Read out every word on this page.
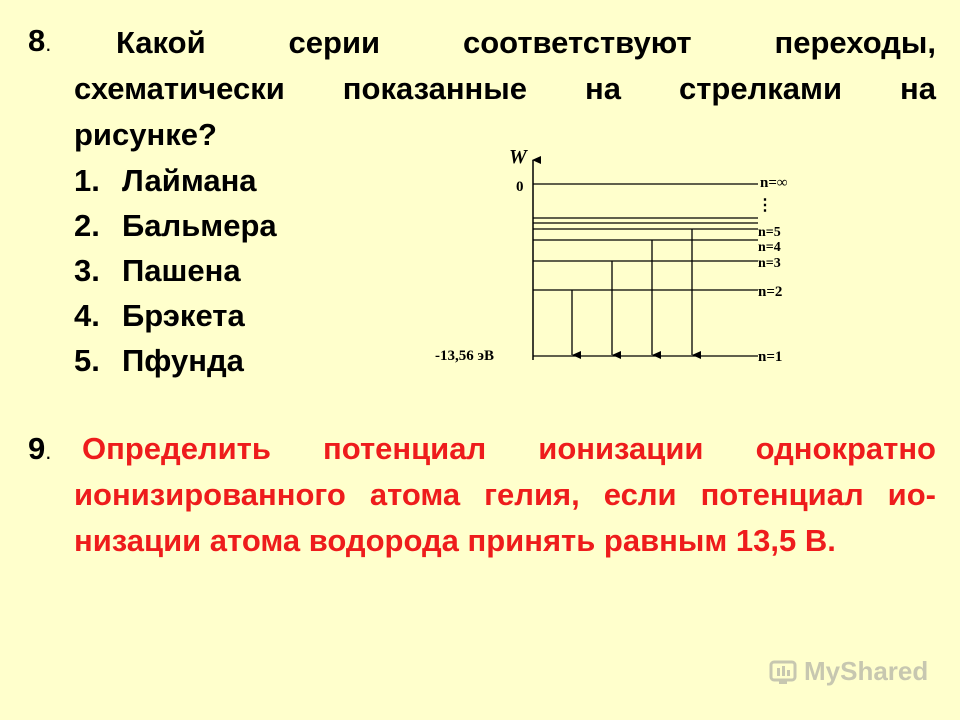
8. Какой серии соответствуют переходы,
схематически показанные на стрелками на
рисунке?
1. Лаймана
2. Бальмера
3. Пашена
4. Брэкета
5. Пфунда
W
0
-13,56 эВ
n=∞
⋮
n=5
n=4
n=3
n=2
n=1
9. Определить потенциал ионизации однократно
ионизированного атома гелия, если потенциал ио-
низации атома водорода принять равным 13,5 В.
MyShared
